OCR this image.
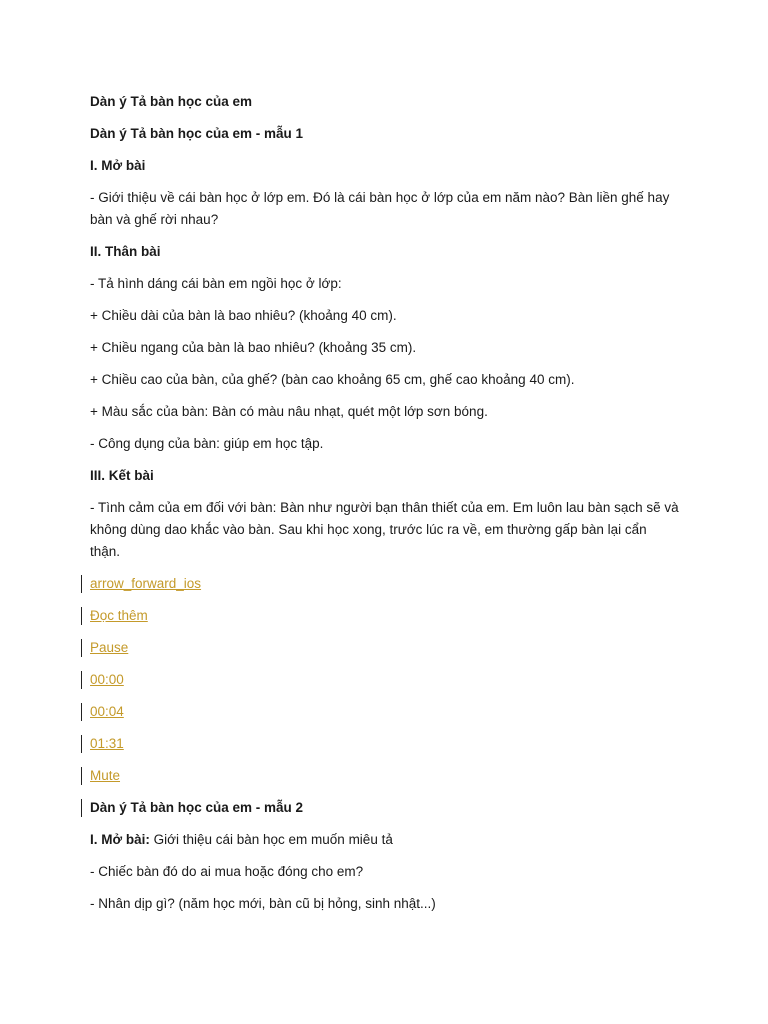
Dàn ý Tả bàn học của em

Dàn ý Tả bàn học của em - mẫu 1

I. Mở bài

- Giới thiệu về cái bàn học ở lớp em. Đó là cái bàn học ở lớp của em năm nào? Bàn liền ghế hay bàn và ghế rời nhau?

II. Thân bài

- Tả hình dáng cái bàn em ngồi học ở lớp:

+ Chiều dài của bàn là bao nhiêu? (khoảng 40 cm).

+ Chiều ngang của bàn là bao nhiêu? (khoảng 35 cm).

+ Chiều cao của bàn, của ghế? (bàn cao khoảng 65 cm, ghế cao khoảng 40 cm).

+ Màu sắc của bàn: Bàn có màu nâu nhạt, quét một lớp sơn bóng.

- Công dụng của bàn: giúp em học tập.

III. Kết bài

- Tình cảm của em đối với bàn: Bàn như người bạn thân thiết của em. Em luôn lau bàn sạch sẽ và không dùng dao khắc vào bàn. Sau khi học xong, trước lúc ra về, em thường gấp bàn lại cẩn thận.

arrow_forward_ios
Đọc thêm
Pause
00:00
00:04
01:31
Mute

Dàn ý Tả bàn học của em - mẫu 2

I. Mở bài: Giới thiệu cái bàn học em muốn miêu tả

- Chiếc bàn đó do ai mua hoặc đóng cho em?

- Nhân dịp gì? (năm học mới, bàn cũ bị hỏng, sinh nhật...)
